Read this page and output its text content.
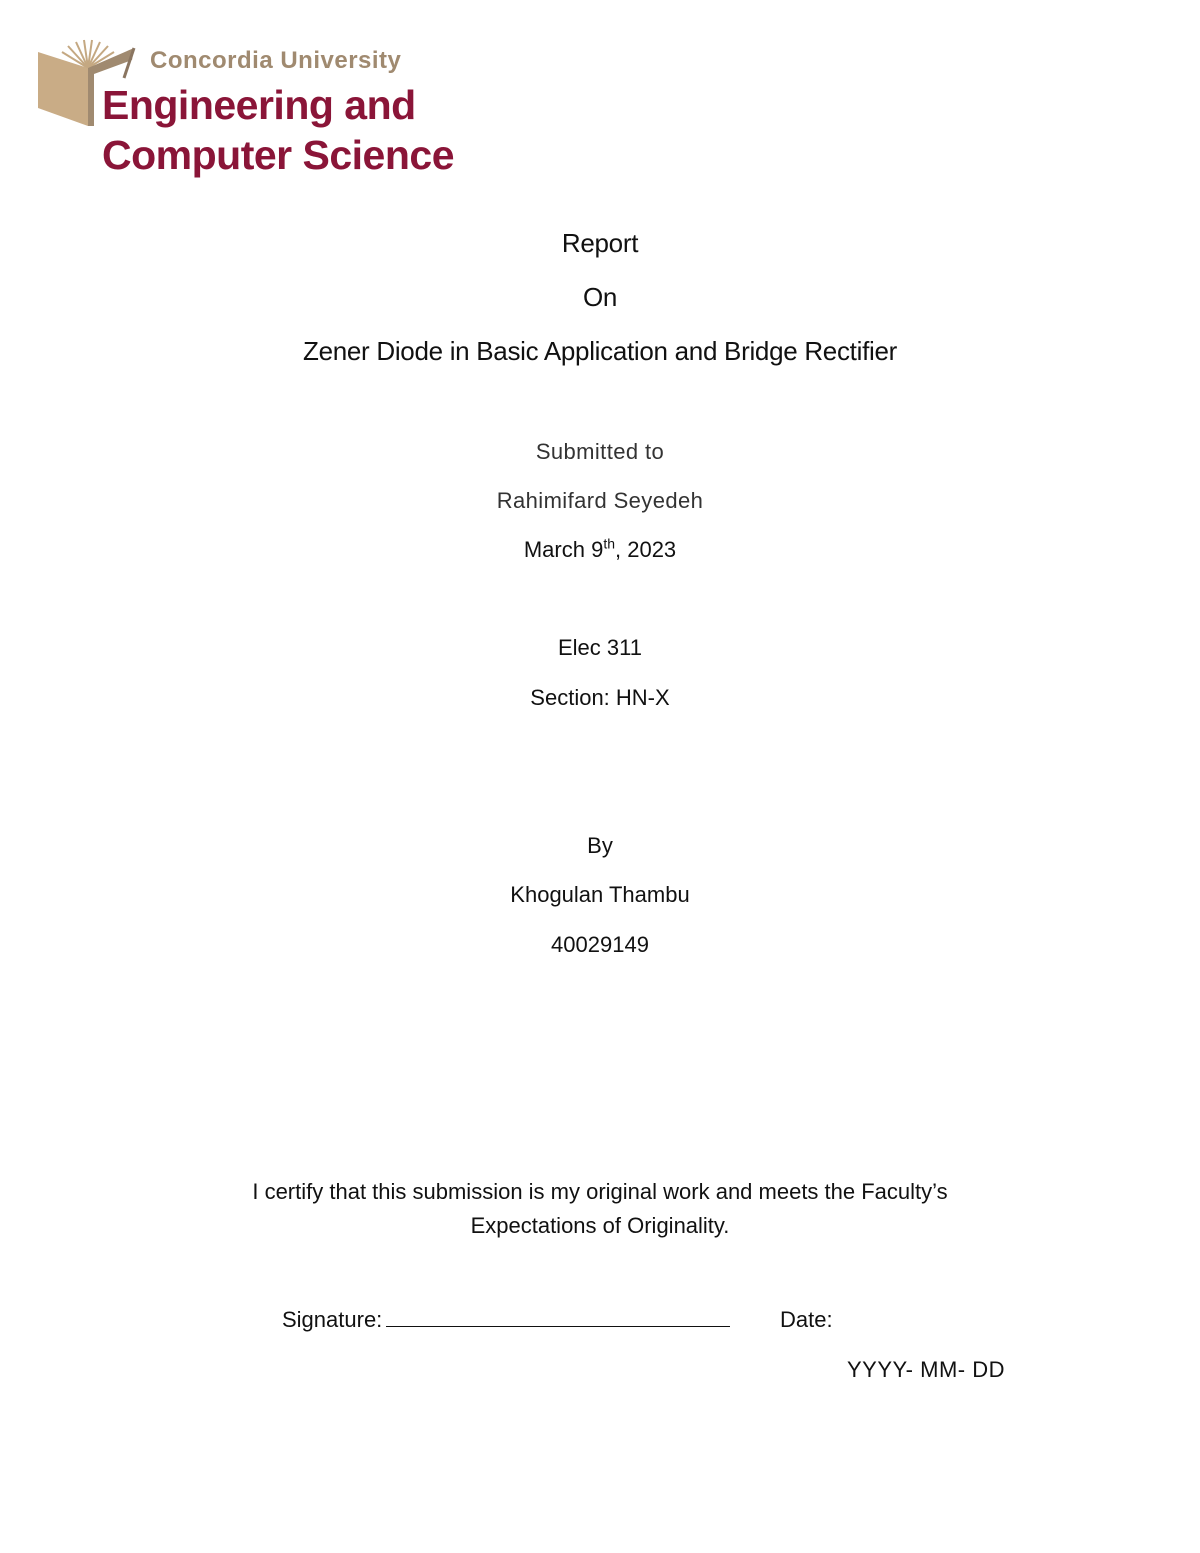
Concordia University
Engineering and
Computer Science
Report
On
Zener Diode in Basic Application and Bridge Rectifier
Submitted to
Rahimifard Seyedeh
March 9th, 2023
Elec 311
Section: HN-X
By
Khogulan Thambu
40029149
I certify that this submission is my original work and meets the Faculty’s Expectations of Originality.
Signature:	Date:
YYYY- MM- DD
